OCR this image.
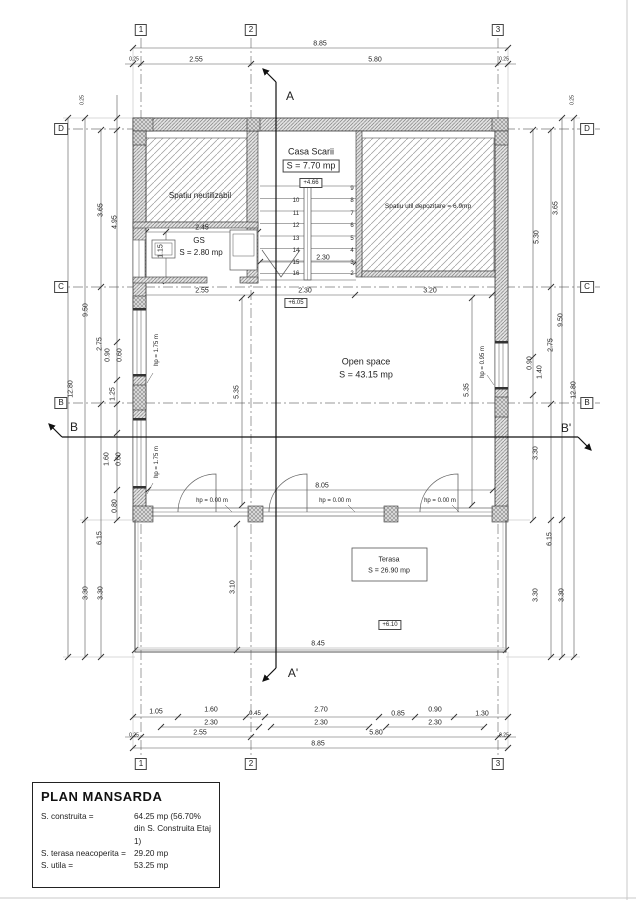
1	2	3
8.85
2.55	5.80
0.25	0.25
A
A'
B	B'
D
C
B
D
C
B
0.25
3.65
4.95
9.50
2.75
0.90 0.60
12.80	1.25
1.60 0.60
0.80
6.15
3.30 3.30
0.25
3.65
5.30
9.50
2.75
0.90
1.40
12.80
3.30
6.15
3.30	3.30
Casa Scarii
S = 7.70 mp
+4.66
Spatiu neutilizabil
Spatiu util depozitare = 6.9mp
2.45
GS
S = 2.80 mp
1.15
2.30
2.55	2.30	3.20
+6.05
Open space
S = 43.15 mp
5.35	5.35
hp = 1.75 m
hp = 1.75 m
hp = 0.95 m
8.05
hp = 0.00 m	hp = 0.00 m	hp = 0.00 m
Terasa
S = 26.90 mp
3.10
+6.10
8.45
1.05	1.60
0.45
2.70
0.85
0.90
1.30
2.30	2.30	2.30
2.55	5.80
0.25	0.25
8.85
1	2	3
10
11
12
13
14
15
16
9
8
7
6
5
4
3
2
PLAN MANSARDA
S. construita =	64.25 mp (56.70%
din S. Construita Etaj 1)
S. terasa neacoperita = 29.20 mp
S. utila =	53.25 mp
